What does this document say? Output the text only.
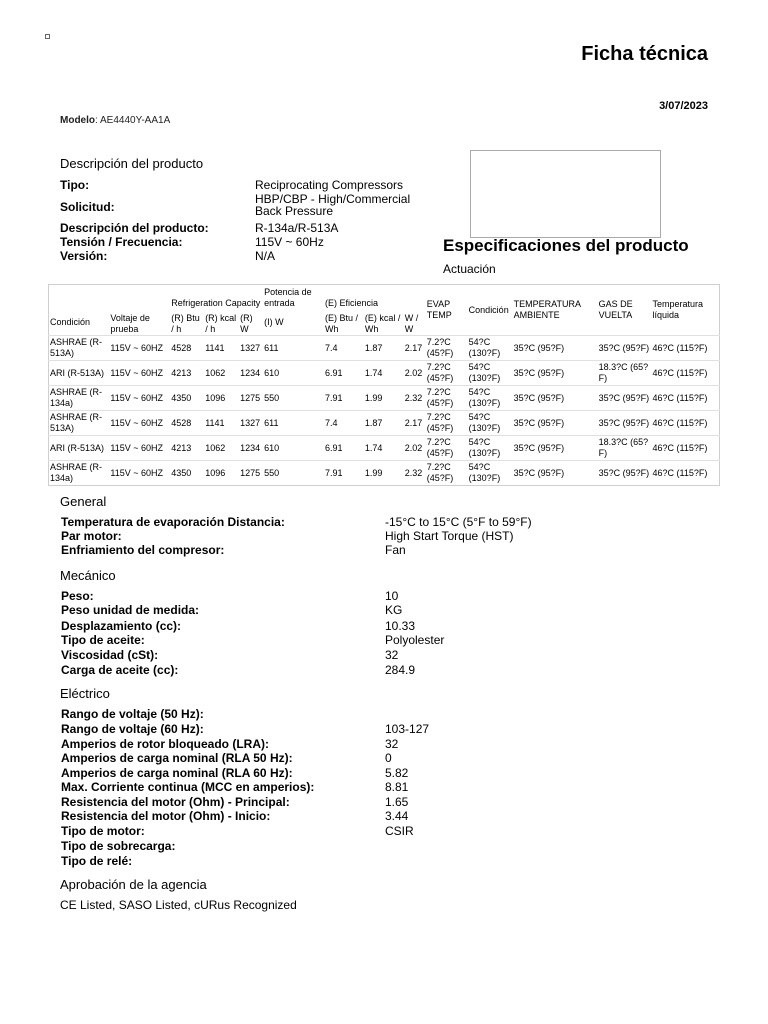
Ficha técnica
3/07/2023
Modelo: AE4440Y-AA1A
Descripción del producto
Tipo:	Reciprocating Compressors
Solicitud:
HBP/CBP - High/Commercial Back Pressure
Descripción del producto:	R-134a/R-513A
Tensión / Frecuencia:	115V ~ 60Hz
Versión:	N/A
Especificaciones del producto
Actuación
		Refrigeration Capacity			Potencia de entrada	(E) Eficiencia			EVAP TEMP	Condición	TEMPERATURA AMBIENTE	GAS DE VUELTA	Temperatura líquida
Condición	Voltaje de prueba	(R) Btu / h	(R) kcal / h	(R) W	(I) W	(E) Btu / Wh	(E) kcal / Wh	W / W					
ASHRAE (R-513A)	115V ~ 60HZ	4528	1141	1327	611	7.4	1.87	2.17	7.2?C (45?F)	54?C (130?F)	35?C (95?F)	35?C (95?F)	46?C (115?F)
ARI (R-513A)	115V ~ 60HZ	4213	1062	1234	610	6.91	1.74	2.02	7.2?C (45?F)	54?C (130?F)	35?C (95?F)	18.3?C (65?F)	46?C (115?F)
ASHRAE (R-134a)	115V ~ 60HZ	4350	1096	1275	550	7.91	1.99	2.32	7.2?C (45?F)	54?C (130?F)	35?C (95?F)	35?C (95?F)	46?C (115?F)
ASHRAE (R-513A)	115V ~ 60HZ	4528	1141	1327	611	7.4	1.87	2.17	7.2?C (45?F)	54?C (130?F)	35?C (95?F)	35?C (95?F)	46?C (115?F)
ARI (R-513A)	115V ~ 60HZ	4213	1062	1234	610	6.91	1.74	2.02	7.2?C (45?F)	54?C (130?F)	35?C (95?F)	18.3?C (65?F)	46?C (115?F)
ASHRAE (R-134a)	115V ~ 60HZ	4350	1096	1275	550	7.91	1.99	2.32	7.2?C (45?F)	54?C (130?F)	35?C (95?F)	35?C (95?F)	46?C (115?F)
General
Temperatura de evaporación Distancia:	-15°C to 15°C (5°F to 59°F)
Par motor:	High Start Torque (HST)
Enfriamiento del compresor:	Fan
Mecánico
Peso:	10
Peso unidad de medida:	KG
Desplazamiento (cc):	10.33
Tipo de aceite:	Polyolester
Viscosidad (cSt):	32
Carga de aceite (cc):	284.9
Eléctrico
Rango de voltaje (50 Hz):
Rango de voltaje (60 Hz):	103-127
Amperios de rotor bloqueado (LRA):	32
Amperios de carga nominal (RLA 50 Hz):	0
Amperios de carga nominal (RLA 60 Hz):	5.82
Max. Corriente continua (MCC en amperios):	8.81
Resistencia del motor (Ohm) - Principal:	1.65
Resistencia del motor (Ohm) - Inicio:	3.44
Tipo de motor:	CSIR
Tipo de sobrecarga:
Tipo de relé:
Aprobación de la agencia
CE Listed, SASO Listed, cURus Recognized
